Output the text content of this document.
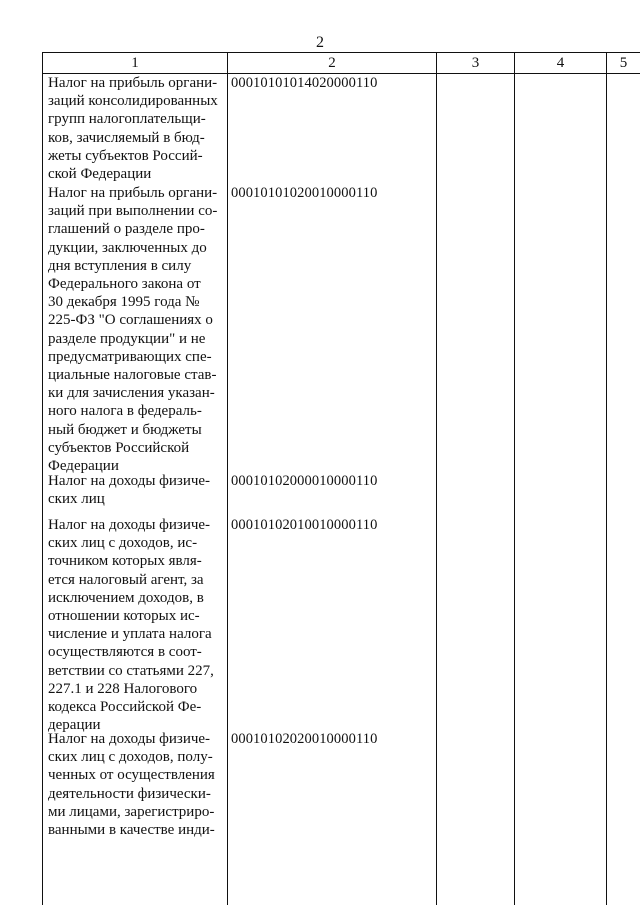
2
1	2	3	4	5
Налог на прибыль органи-
заций консолидированных
групп налогоплательщи-
ков, зачисляемый в бюд-
жеты субъектов Россий-
ской Федерации
00010101014020000110
Налог на прибыль органи-
заций при выполнении со-
глашений о разделе про-
дукции, заключенных до
дня вступления в силу
Федерального закона от
30 декабря 1995 года №
225-ФЗ "О соглашениях о
разделе продукции" и не
предусматривающих спе-
циальные налоговые став-
ки для зачисления указан-
ного налога в федераль-
ный бюджет и бюджеты
субъектов Российской
Федерации
00010101020010000110
Налог на доходы физиче-
ских лиц
00010102000010000110
Налог на доходы физиче-
ских лиц с доходов, ис-
точником которых явля-
ется налоговый агент, за
исключением доходов, в
отношении которых ис-
числение и уплата налога
осуществляются в соот-
ветствии со статьями 227,
227.1 и 228 Налогового
кодекса Российской Фе-
дерации
00010102010010000110
Налог на доходы физиче-
ских лиц с доходов, полу-
ченных от осуществления
деятельности физически-
ми лицами, зарегистриро-
ванными в качестве инди-
00010102020010000110
